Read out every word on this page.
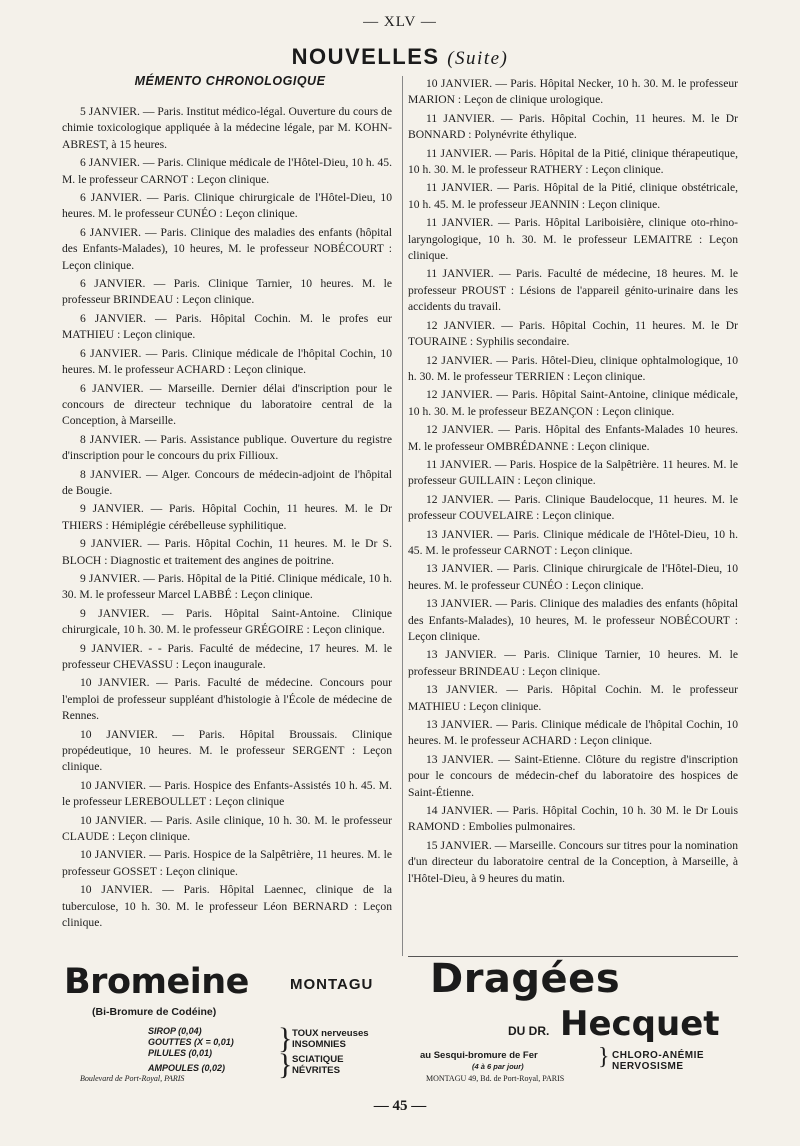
— XLV —
NOUVELLES (Suite)
MÉMENTO CHRONOLOGIQUE

5 JANVIER. — Paris. Institut médico-légal. Ouverture du cours de chimie toxicologique appliquée à la médecine légale, par M. KOHN-ABREST, à 15 heures.

6 JANVIER. — Paris. Clinique médicale de l'Hôtel-Dieu, 10 h. 45. M. le professeur CARNOT : Leçon clinique.

6 JANVIER. — Paris. Clinique chirurgicale de l'Hôtel-Dieu, 10 heures. M. le professeur CUNÉO : Leçon clinique.

6 JANVIER. — Paris. Clinique des maladies des enfants (hôpital des Enfants-Malades), 10 heures, M. le professeur NOBÉCOURT : Leçon clinique.

6 JANVIER. — Paris. Clinique Tarnier, 10 heures. M. le professeur BRINDEAU : Leçon clinique.

6 JANVIER. — Paris. Hôpital Cochin. M. le profes eur MATHIEU : Leçon clinique.

6 JANVIER. — Paris. Clinique médicale de l'hôpital Cochin, 10 heures. M. le professeur ACHARD : Leçon clinique.

6 JANVIER. — Marseille. Dernier délai d'inscription pour le concours de directeur technique du laboratoire central de la Conception, à Marseille.

8 JANVIER. — Paris. Assistance publique. Ouverture du registre d'inscription pour le concours du prix Fillioux.

8 JANVIER. — Alger. Concours de médecin-adjoint de l'hôpital de Bougie.

9 JANVIER. — Paris. Hôpital Cochin, 11 heures. M. le Dr THIERS : Hémiplégie cérébelleuse syphilitique.

9 JANVIER. — Paris. Hôpital Cochin, 11 heures. M. le Dr S. BLOCH : Diagnostic et traitement des angines de poitrine.

9 JANVIER. — Paris. Hôpital de la Pitié. Clinique médicale, 10 h. 30. M. le professeur Marcel LABBÉ : Leçon clinique.

9 JANVIER. — Paris. Hôpital Saint-Antoine. Clinique chirurgicale, 10 h. 30. M. le professeur GRÉGOIRE : Leçon clinique.

9 JANVIER. - - Paris. Faculté de médecine, 17 heures. M. le professeur CHEVASSU : Leçon inaugurale.

10 JANVIER. — Paris. Faculté de médecine. Concours pour l'emploi de professeur suppléant d'histologie à l'École de médecine de Rennes.

10 JANVIER. — Paris. Hôpital Broussais. Clinique propédeutique, 10 heures. M. le professeur SERGENT : Leçon clinique.

10 JANVIER. — Paris. Hospice des Enfants-Assistés 10 h. 45. M. le professeur LEREBOULLET : Leçon clinique

10 JANVIER. — Paris. Asile clinique, 10 h. 30. M. le professeur CLAUDE : Leçon clinique.

10 JANVIER. — Paris. Hospice de la Salpêtrière, 11 heures. M. le professeur GOSSET : Leçon clinique.

10 JANVIER. — Paris. Hôpital Laennec, clinique de la tuberculose, 10 h. 30. M. le professeur Léon BERNARD : Leçon clinique.

10 JANVIER. — Paris. Hôpital Necker, 10 h. 30. M. le professeur MARION : Leçon de clinique urologique.

11 JANVIER. — Paris. Hôpital Cochin, 11 heures. M. le Dr BONNARD : Polynévrite éthylique.

11 JANVIER. — Paris. Hôpital de la Pitié, clinique thérapeutique, 10 h. 30. M. le professeur RATHERY : Leçon clinique.

11 JANVIER. — Paris. Hôpital de la Pitié, clinique obstétricale, 10 h. 45. M. le professeur JEANNIN : Leçon clinique.

11 JANVIER. — Paris. Hôpital Lariboisière, clinique oto-rhino-laryngologique, 10 h. 30. M. le professeur LEMAITRE : Leçon clinique.

11 JANVIER. — Paris. Faculté de médecine, 18 heures. M. le professeur PROUST : Lésions de l'appareil génito-urinaire dans les accidents du travail.

12 JANVIER. — Paris. Hôpital Cochin, 11 heures. M. le Dr TOURAINE : Syphilis secondaire.

12 JANVIER. — Paris. Hôtel-Dieu, clinique ophtalmologique, 10 h. 30. M. le professeur TERRIEN : Leçon clinique.

12 JANVIER. — Paris. Hôpital Saint-Antoine, clinique médicale, 10 h. 30. M. le professeur BEZANÇON : Leçon clinique.

12 JANVIER. — Paris. Hôpital des Enfants-Malades 10 heures. M. le professeur OMBRÉDANNE : Leçon clinique.

11 JANVIER. — Paris. Hospice de la Salpêtrière. 11 heures. M. le professeur GUILLAIN : Leçon clinique.

12 JANVIER. — Paris. Clinique Baudelocque, 11 heures. M. le professeur COUVELAIRE : Leçon clinique.

13 JANVIER. — Paris. Clinique médicale de l'Hôtel-Dieu, 10 h. 45. M. le professeur CARNOT : Leçon clinique.

13 JANVIER. — Paris. Clinique chirurgicale de l'Hôtel-Dieu, 10 heures. M. le professeur CUNÉO : Leçon clinique.

13 JANVIER. — Paris. Clinique des maladies des enfants (hôpital des Enfants-Malades), 10 heures, M. le professeur NOBÉCOURT : Leçon clinique.

13 JANVIER. — Paris. Clinique Tarnier, 10 heures. M. le professeur BRINDEAU : Leçon clinique.

13 JANVIER. — Paris. Hôpital Cochin. M. le professeur MATHIEU : Leçon clinique.

13 JANVIER. — Paris. Clinique médicale de l'hôpital Cochin, 10 heures. M. le professeur ACHARD : Leçon clinique.

13 JANVIER. — Saint-Etienne. Clôture du registre d'inscription pour le concours de médecin-chef du laboratoire des hospices de Saint-Étienne.

14 JANVIER. — Paris. Hôpital Cochin, 10 h. 30 M. le Dr Louis RAMOND : Embolies pulmonaires.

15 JANVIER. — Marseille. Concours sur titres pour la nomination d'un directeur du laboratoire central de la Conception, à Marseille, à l'Hôtel-Dieu, à 9 heures du matin.

Bromeine	MONTAGU
(Bi-Bromure de Codéine)
SIROP (0,04)
GOUTTES (X = 0,01)
PILULES (0,01)
AMPOULES (0,02)
}
}
TOUX nerveuses
INSOMNIES
SCIATIQUE
NÉVRITES
Boulevard de Port-Royal, PARIS
Dragées
DU DR. Hecquet
au Sesqui-bromure de Fer
(4 à 6 par jour)	} CHLORO-ANÉMIE
NERVOSISME
MONTAGU 49, Bd. de Port-Royal, PARIS
— 45 —
